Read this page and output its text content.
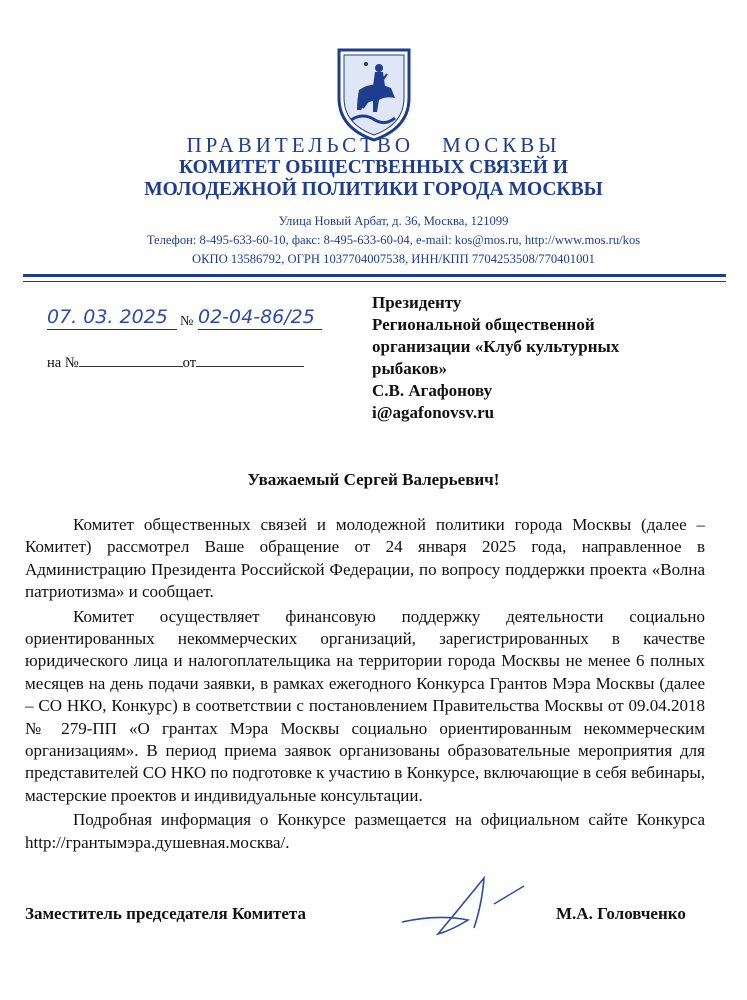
ПРАВИТЕЛЬСТВО МОСКВЫ
КОМИТЕТ ОБЩЕСТВЕННЫХ СВЯЗЕЙ И
МОЛОДЕЖНОЙ ПОЛИТИКИ ГОРОДА МОСКВЫ
Улица Новый Арбат, д. 36, Москва, 121099
Телефон: 8-495-633-60-10, факс: 8-495-633-60-04, e-mail: kos@mos.ru, http://www.mos.ru/kos
ОКПО 13586792, ОГРН 1037704007538, ИНН/КПП 7704253508/770401001
07. 03. 2025 № 02-04-86/25
на №	от
Президенту
Региональной общественной
организации «Клуб культурных
рыбаков»
С.В. Агафонову
i@agafonovsv.ru
Уважаемый Сергей Валерьевич!

Комитет общественных связей и молодежной политики города Москвы (далее – Комитет) рассмотрел Ваше обращение от 24 января 2025 года, направленное в Администрацию Президента Российской Федерации, по вопросу поддержки проекта «Волна патриотизма» и сообщает.

Комитет осуществляет финансовую поддержку деятельности социально ориентированных некоммерческих организаций, зарегистрированных в качестве юридического лица и налогоплательщика на территории города Москвы не менее 6 полных месяцев на день подачи заявки, в рамках ежегодного Конкурса Грантов Мэра Москвы (далее – СО НКО, Конкурс) в соответствии с постановлением Правительства Москвы от 09.04.2018 № 279-ПП «О грантах Мэра Москвы социально ориентированным некоммерческим организациям». В период приема заявок организованы образовательные мероприятия для представителей СО НКО по подготовке к участию в Конкурсе, включающие в себя вебинары, мастерские проектов и индивидуальные консультации.

Подробная информация о Конкурсе размещается на официальном сайте Конкурса http://грантымэра.душевная.москва/.

Заместитель председателя Комитета	М.А. Головченко
